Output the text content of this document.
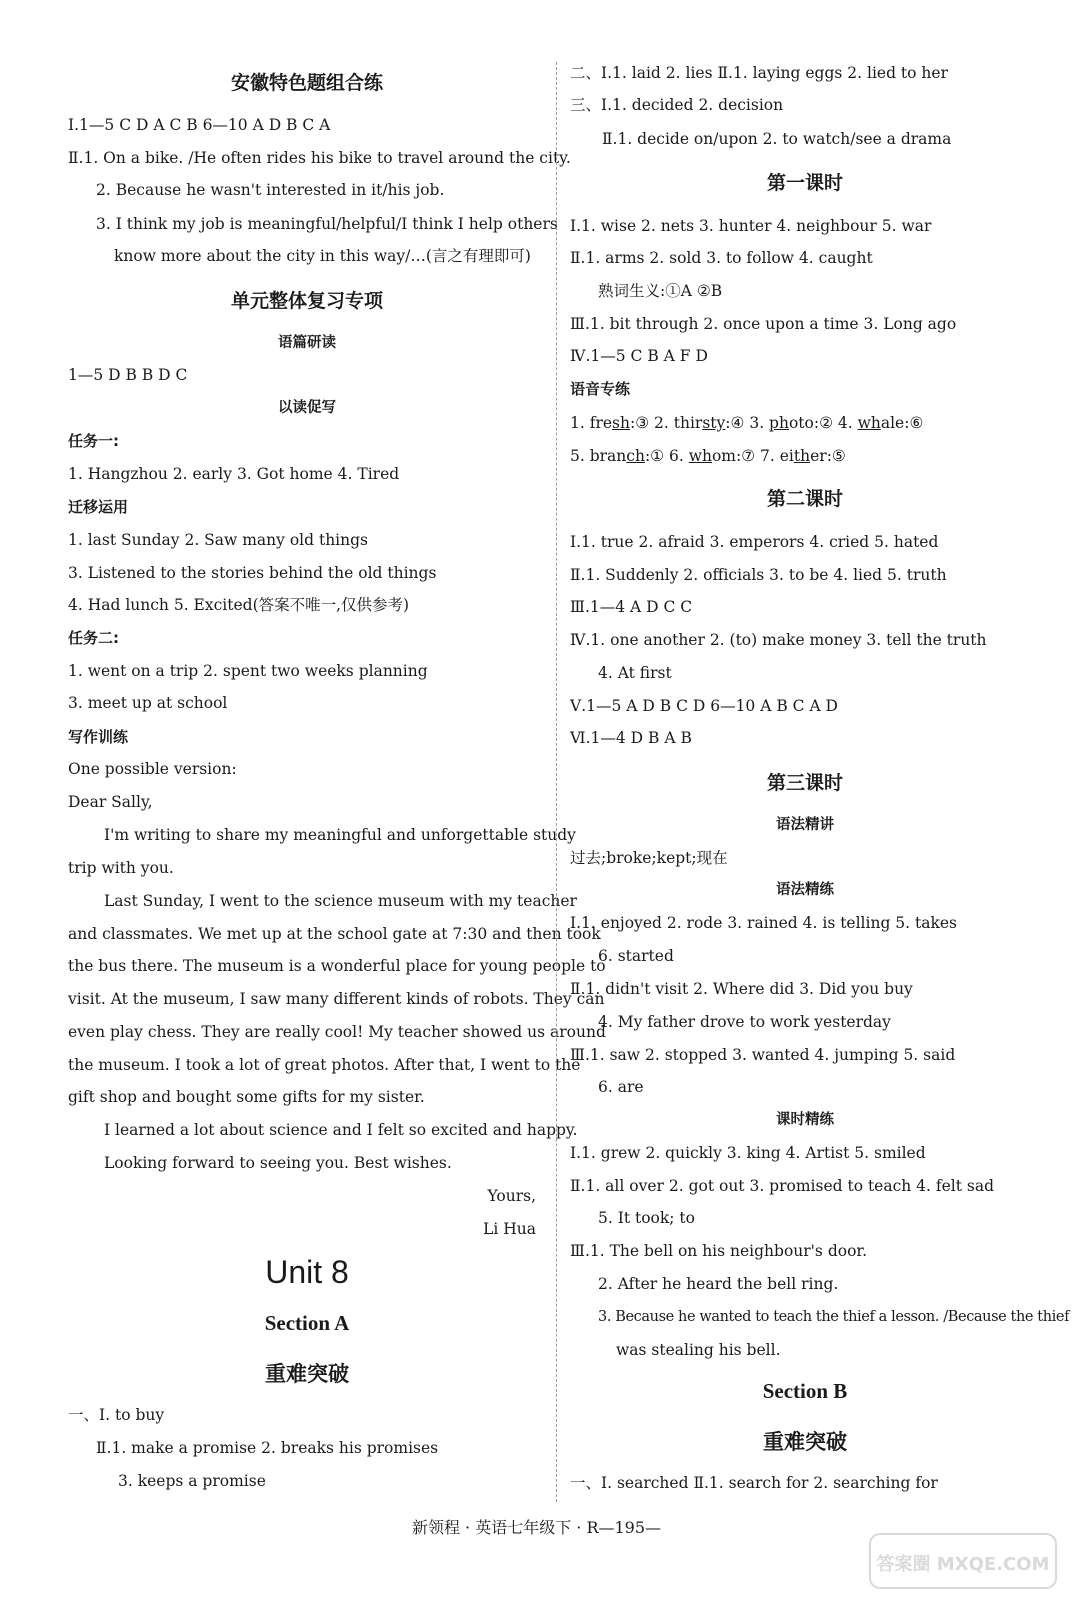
安徽特色题组合练
Ⅰ.1—5 C D A C B 6—10 A D B C A
Ⅱ.1. On a bike. /He often rides his bike to travel around the city.
2. Because he wasn't interested in it/his job.
3. I think my job is meaningful/helpful/I think I help others
know more about the city in this way/…(言之有理即可)
单元整体复习专项
语篇研读
1—5 D B B D C
以读促写
任务一:
1. Hangzhou 2. early 3. Got home 4. Tired
迁移运用
1. last Sunday 2. Saw many old things
3. Listened to the stories behind the old things
4. Had lunch 5. Excited(答案不唯一,仅供参考)
任务二:
1. went on a trip 2. spent two weeks planning
3. meet up at school
写作训练
One possible version:
Dear Sally,
I'm writing to share my meaningful and unforgettable study
trip with you.
Last Sunday, I went to the science museum with my teacher
and classmates. We met up at the school gate at 7:30 and then took
the bus there. The museum is a wonderful place for young people to
visit. At the museum, I saw many different kinds of robots. They can
even play chess. They are really cool! My teacher showed us around
the museum. I took a lot of great photos. After that, I went to the
gift shop and bought some gifts for my sister.
I learned a lot about science and I felt so excited and happy.
Looking forward to seeing you. Best wishes.
Yours,
Li Hua
Unit 8
Section A
重难突破
一、Ⅰ. to buy
Ⅱ.1. make a promise 2. breaks his promises
3. keeps a promise
二、Ⅰ.1. laid 2. lies Ⅱ.1. laying eggs 2. lied to her
三、Ⅰ.1. decided 2. decision
Ⅱ.1. decide on/upon 2. to watch/see a drama
第一课时
Ⅰ.1. wise 2. nets 3. hunter 4. neighbour 5. war
Ⅱ.1. arms 2. sold 3. to follow 4. caught
熟词生义:①A ②B
Ⅲ.1. bit through 2. once upon a time 3. Long ago
Ⅳ.1—5 C B A F D
语音专练
1. fresh:③ 2. thirsty:④ 3. photo:② 4. whale:⑥
5. branch:① 6. whom:⑦ 7. either:⑤
第二课时
Ⅰ.1. true 2. afraid 3. emperors 4. cried 5. hated
Ⅱ.1. Suddenly 2. officials 3. to be 4. lied 5. truth
Ⅲ.1—4 A D C C
Ⅳ.1. one another 2. (to) make money 3. tell the truth
4. At first
Ⅴ.1—5 A D B C D 6—10 A B C A D
Ⅵ.1—4 D B A B
第三课时
语法精讲
过去;broke;kept;现在
语法精练
Ⅰ.1. enjoyed 2. rode 3. rained 4. is telling 5. takes
6. started
Ⅱ.1. didn't visit 2. Where did 3. Did you buy
4. My father drove to work yesterday
Ⅲ.1. saw 2. stopped 3. wanted 4. jumping 5. said
6. are
课时精练
Ⅰ.1. grew 2. quickly 3. king 4. Artist 5. smiled
Ⅱ.1. all over 2. got out 3. promised to teach 4. felt sad
5. It took; to
Ⅲ.1. The bell on his neighbour's door.
2. After he heard the bell ring.
3. Because he wanted to teach the thief a lesson. /Because the thief
was stealing his bell.
Section B
重难突破
一、Ⅰ. searched Ⅱ.1. search for 2. searching for
新领程 · 英语七年级下 · R—195—
答案圈 MXQE.COM
